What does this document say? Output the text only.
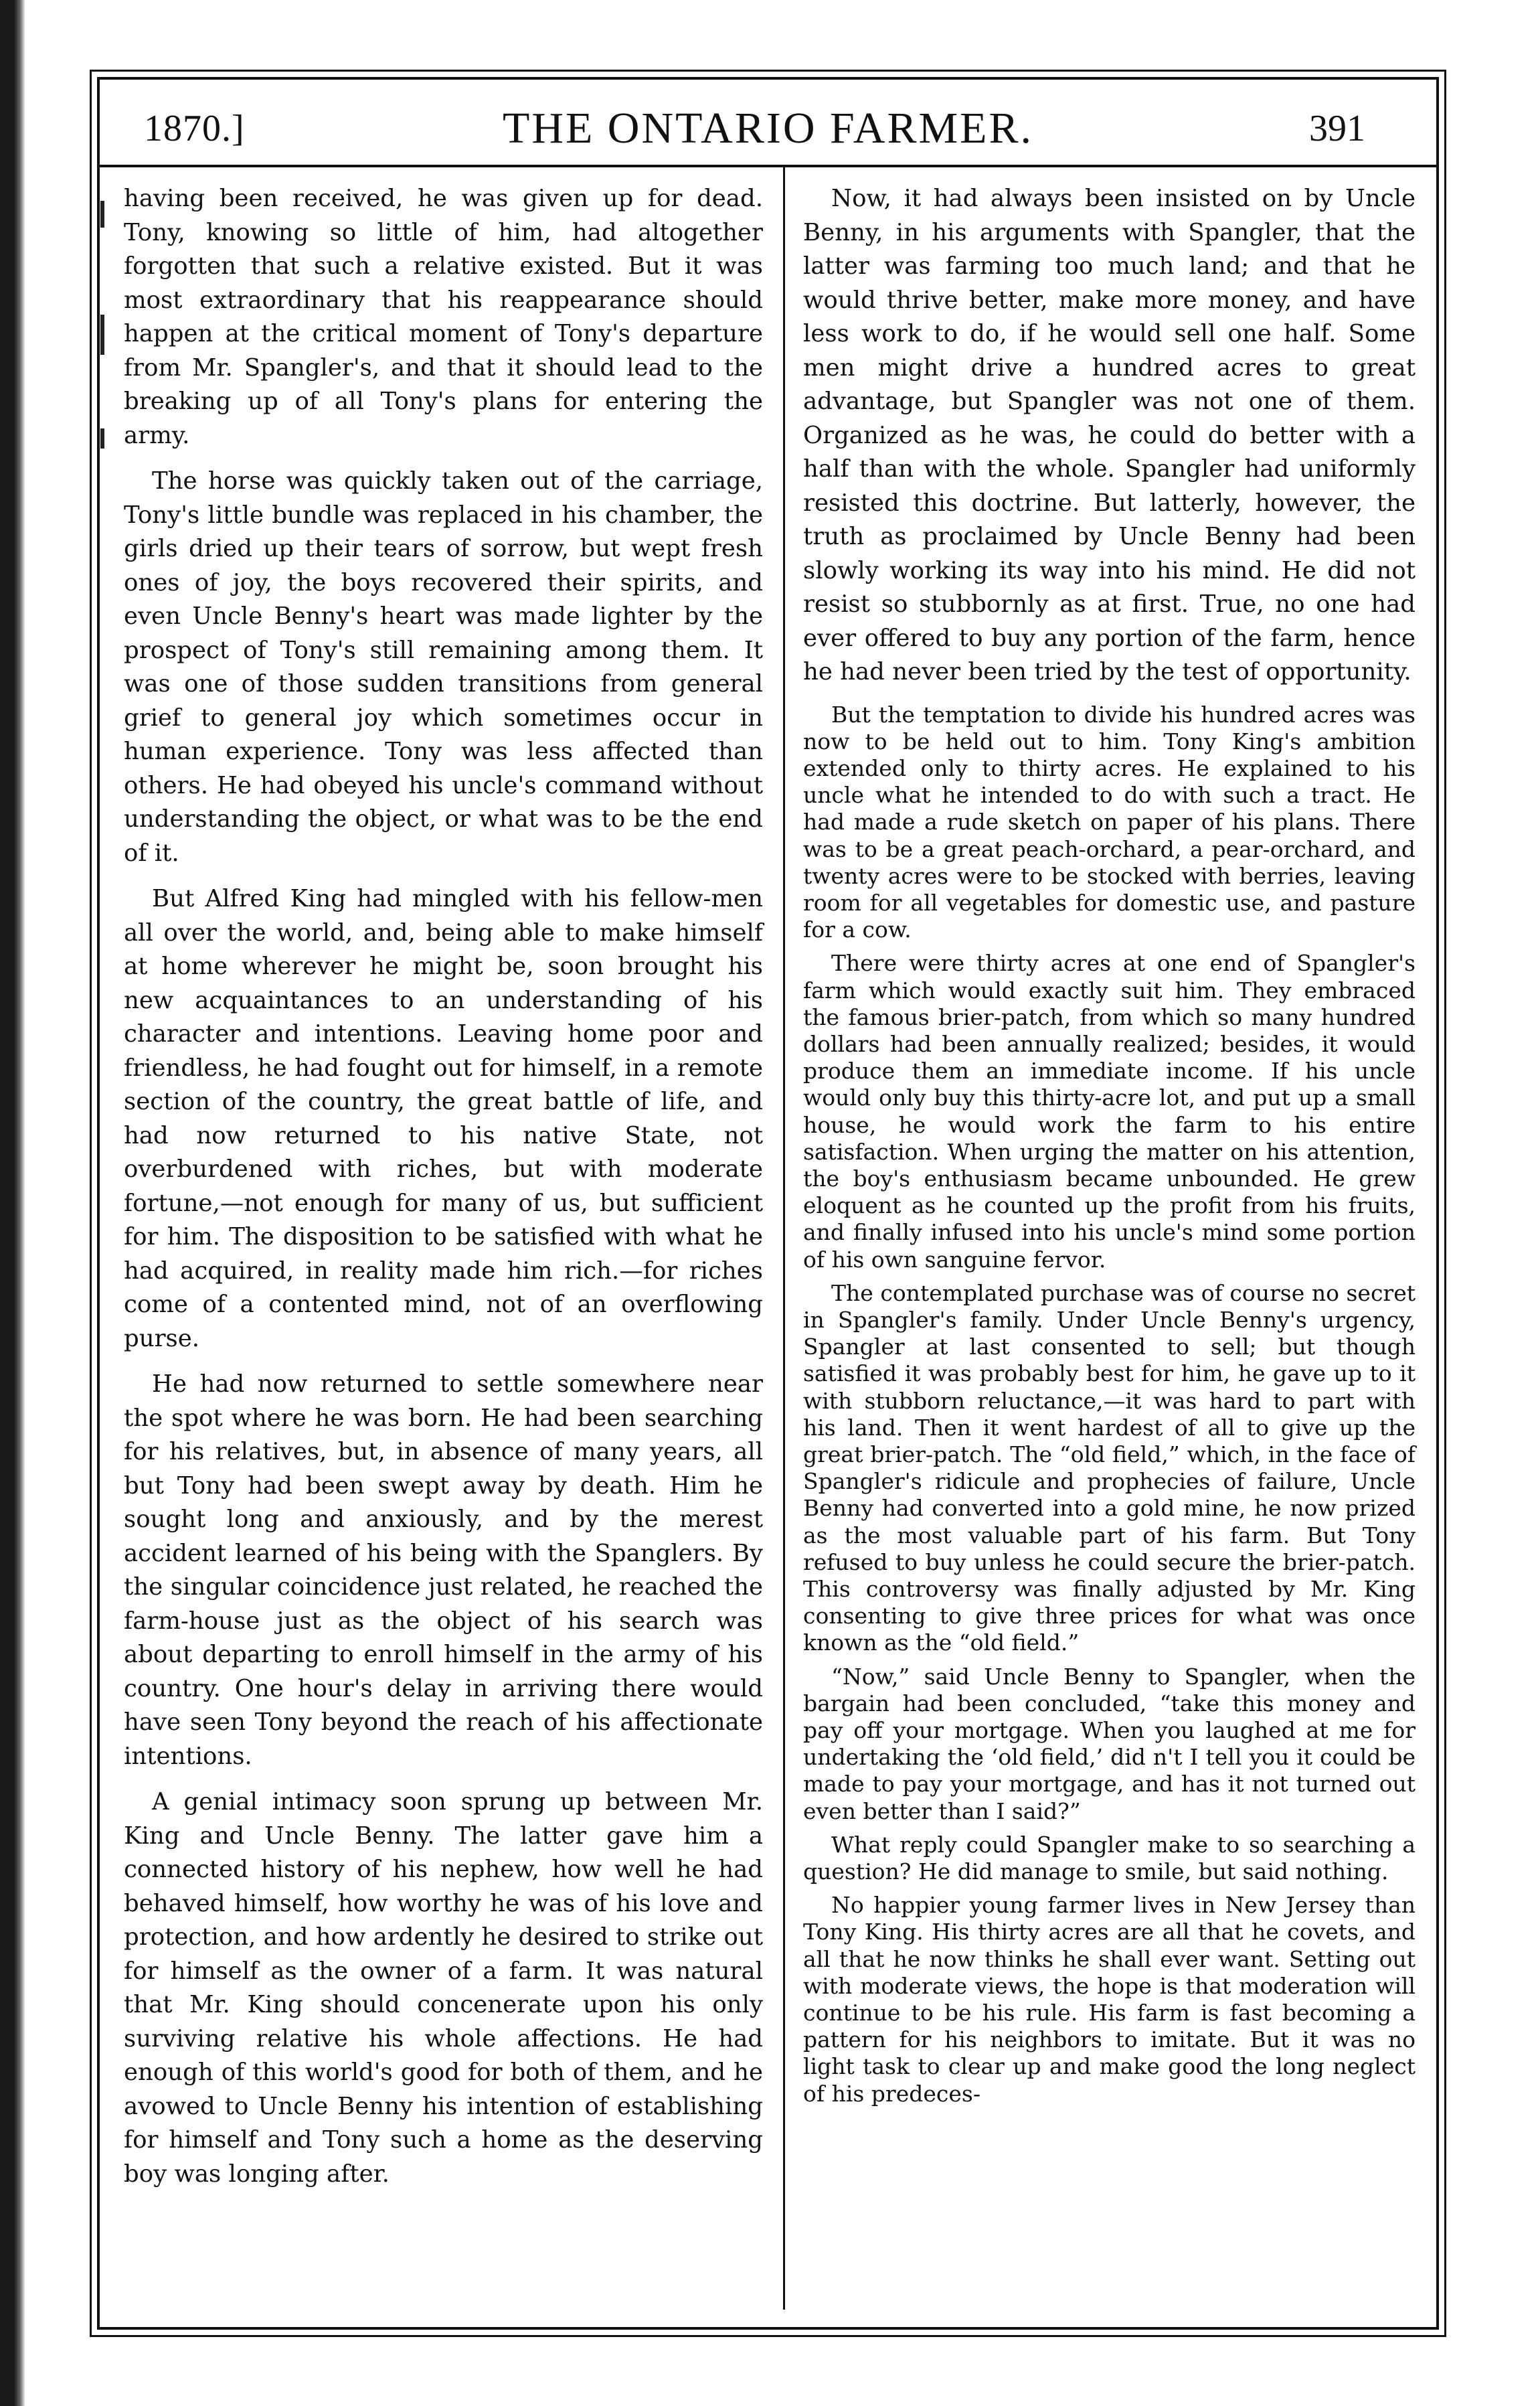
1870.]	THE ONTARIO FARMER.	391

having been received, he was given up for dead. Tony, knowing so little of him, had altogether forgotten that such a relative existed. But it was most extraordinary that his reappearance should happen at the critical moment of Tony's departure from Mr. Spangler's, and that it should lead to the breaking up of all Tony's plans for entering the army.

The horse was quickly taken out of the carriage, Tony's little bundle was replaced in his chamber, the girls dried up their tears of sorrow, but wept fresh ones of joy, the boys recovered their spirits, and even Uncle Benny's heart was made lighter by the prospect of Tony's still remaining among them. It was one of those sudden transitions from general grief to general joy which sometimes occur in human experience. Tony was less affected than others. He had obeyed his uncle's command without understanding the object, or what was to be the end of it.

But Alfred King had mingled with his fellow-men all over the world, and, being able to make himself at home wherever he might be, soon brought his new acquaintances to an understanding of his character and intentions. Leaving home poor and friendless, he had fought out for himself, in a remote section of the country, the great battle of life, and had now returned to his native State, not overburdened with riches, but with moderate fortune,—not enough for many of us, but sufficient for him. The disposition to be satisfied with what he had acquired, in reality made him rich.—for riches come of a contented mind, not of an overflowing purse.

He had now returned to settle somewhere near the spot where he was born. He had been searching for his relatives, but, in absence of many years, all but Tony had been swept away by death. Him he sought long and anxiously, and by the merest accident learned of his being with the Spanglers. By the singular coincidence just related, he reached the farm-house just as the object of his search was about departing to enroll himself in the army of his country. One hour's delay in arriving there would have seen Tony beyond the reach of his affectionate intentions.

A genial intimacy soon sprung up between Mr. King and Uncle Benny. The latter gave him a connected history of his nephew, how well he had behaved himself, how worthy he was of his love and protection, and how ardently he desired to strike out for himself as the owner of a farm. It was natural that Mr. King should concenerate upon his only surviving relative his whole affections. He had enough of this world's good for both of them, and he avowed to Uncle Benny his intention of establishing for himself and Tony such a home as the deserving boy was longing after.

Now, it had always been insisted on by Uncle Benny, in his arguments with Spangler, that the latter was farming too much land; and that he would thrive better, make more money, and have less work to do, if he would sell one half. Some men might drive a hundred acres to great advantage, but Spangler was not one of them. Organized as he was, he could do better with a half than with the whole. Spangler had uniformly resisted this doctrine. But latterly, however, the truth as proclaimed by Uncle Benny had been slowly working its way into his mind. He did not resist so stubbornly as at first. True, no one had ever offered to buy any portion of the farm, hence he had never been tried by the test of opportunity.

But the temptation to divide his hundred acres was now to be held out to him. Tony King's ambition extended only to thirty acres. He explained to his uncle what he intended to do with such a tract. He had made a rude sketch on paper of his plans. There was to be a great peach-orchard, a pear-orchard, and twenty acres were to be stocked with berries, leaving room for all vegetables for domestic use, and pasture for a cow.

There were thirty acres at one end of Spangler's farm which would exactly suit him. They embraced the famous brier-patch, from which so many hundred dollars had been annually realized; besides, it would produce them an immediate income. If his uncle would only buy this thirty-acre lot, and put up a small house, he would work the farm to his entire satisfaction. When urging the matter on his attention, the boy's enthusiasm became unbounded. He grew eloquent as he counted up the profit from his fruits, and finally infused into his uncle's mind some portion of his own sanguine fervor.

The contemplated purchase was of course no secret in Spangler's family. Under Uncle Benny's urgency, Spangler at last consented to sell; but though satisfied it was probably best for him, he gave up to it with stubborn reluctance,—it was hard to part with his land. Then it went hardest of all to give up the great brier-patch. The “old field,” which, in the face of Spangler's ridicule and prophecies of failure, Uncle Benny had converted into a gold mine, he now prized as the most valuable part of his farm. But Tony refused to buy unless he could secure the brier-patch. This controversy was finally adjusted by Mr. King consenting to give three prices for what was once known as the “old field.”

“Now,” said Uncle Benny to Spangler, when the bargain had been concluded, “take this money and pay off your mortgage. When you laughed at me for undertaking the ‘old field,’ did n't I tell you it could be made to pay your mortgage, and has it not turned out even better than I said?”

What reply could Spangler make to so searching a question? He did manage to smile, but said nothing.

No happier young farmer lives in New Jersey than Tony King. His thirty acres are all that he covets, and all that he now thinks he shall ever want. Setting out with moderate views, the hope is that moderation will continue to be his rule. His farm is fast becoming a pattern for his neighbors to imitate. But it was no light task to clear up and make good the long neglect of his predeces-
